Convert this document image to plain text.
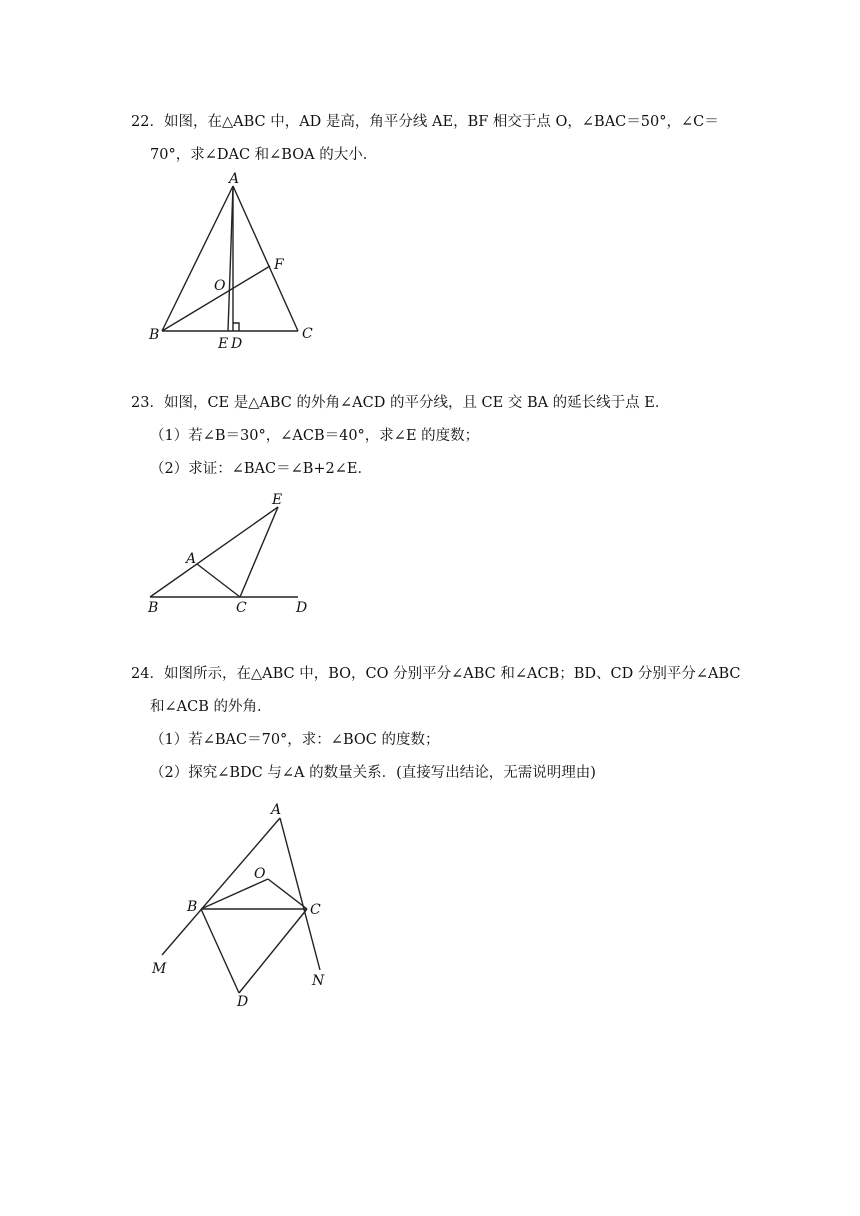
22．如图，在△ABC 中，AD 是高，角平分线 AE，BF 相交于点 O，∠BAC＝50°，∠C＝
70°，求∠DAC 和∠BOA 的大小．
A
B	C
D
E
F
O
23．如图，CE 是△ABC 的外角∠ACD 的平分线，且 CE 交 BA 的延长线于点 E．
（1）若∠B＝30°，∠ACB＝40°，求∠E 的度数；
（2）求证：∠BAC＝∠B+2∠E．
E
A
B	C	D
24．如图所示，在△ABC 中，BO，CO 分别平分∠ABC 和∠ACB；BD、CD 分别平分∠ABC
和∠ACB 的外角．
（1）若∠BAC＝70°，求：∠BOC 的度数；
（2）探究∠BDC 与∠A 的数量关系．(直接写出结论，无需说明理由)
A
O
B	C
M
N
D
